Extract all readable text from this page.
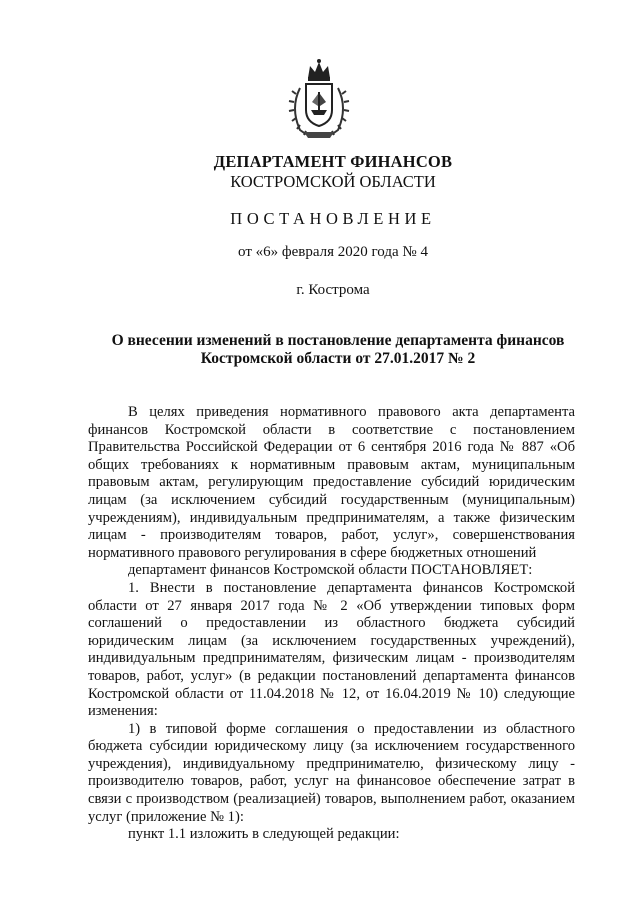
ДЕПАРТАМЕНТ ФИНАНСОВ
КОСТРОМСКОЙ ОБЛАСТИ
ПОСТАНОВЛЕНИЕ
от «6» февраля 2020 года № 4
г. Кострома
О внесении изменений в постановление департамента финансов
Костромской области от 27.01.2017 № 2

В целях приведения нормативного правового акта департамента финансов Костромской области в соответствие с постановлением Правительства Российской Федерации от 6 сентября 2016 года № 887 «Об общих требованиях к нормативным правовым актам, муниципальным правовым актам, регулирующим предоставление субсидий юридическим лицам (за исключением субсидий государственным (муниципальным) учреждениям), индивидуальным предпринимателям, а также физическим лицам - производителям товаров, работ, услуг», совершенствования нормативного правового регулирования в сфере бюджетных отношений

департамент финансов Костромской области ПОСТАНОВЛЯЕТ:

1. Внести в постановление департамента финансов Костромской области от 27 января 2017 года № 2 «Об утверждении типовых форм соглашений о предоставлении из областного бюджета субсидий юридическим лицам (за исключением государственных учреждений), индивидуальным предпринимателям, физическим лицам - производителям товаров, работ, услуг» (в редакции постановлений департамента финансов Костромской области от 11.04.2018 № 12, от 16.04.2019 № 10) следующие изменения:

1) в типовой форме соглашения о предоставлении из областного бюджета субсидии юридическому лицу (за исключением государственного учреждения), индивидуальному предпринимателю, физическому лицу - производителю товаров, работ, услуг на финансовое обеспечение затрат в связи с производством (реализацией) товаров, выполнением работ, оказанием услуг (приложение № 1):

пункт 1.1 изложить в следующей редакции:
